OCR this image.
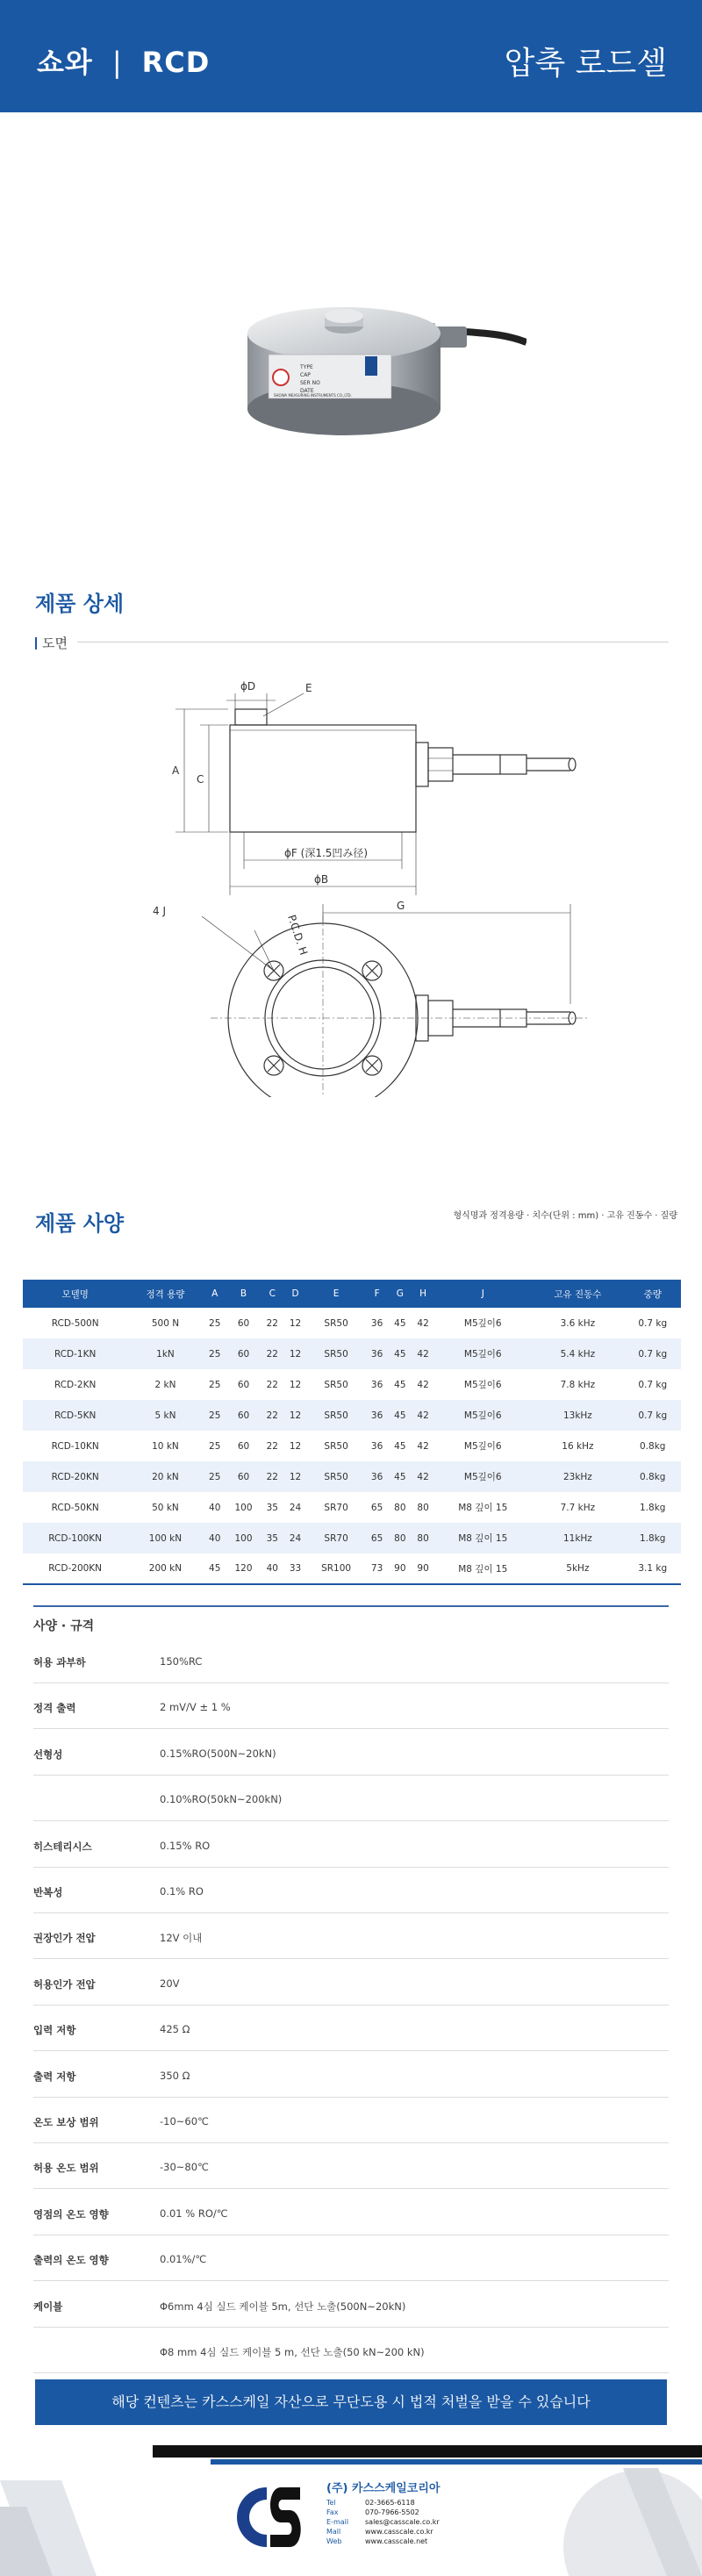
쇼와 | RCD	압축 로드셀
TYPE
CAP
SER NO
DATE
SHOWA MEASURING INSTRUMENTS CO.,LTD.
제품 상세
도면
A
C
ϕD	E
ϕF (深1.5凹み径)
ϕB
P.C.D. H
4 J	G
제품 사양	형식명과 정격용량 · 치수(단위 : mm) · 고유 진동수 · 질량
모델명	정격 용량	A	B	C	D	E	F	G	H	J	고유 진동수	중량
RCD-500N	500 N	25	60	22	12	SR50	36	45	42	M5깊이6	3.6 kHz	0.7 kg
RCD-1KN	1kN	25	60	22	12	SR50	36	45	42	M5깊이6	5.4 kHz	0.7 kg
RCD-2KN	2 kN	25	60	22	12	SR50	36	45	42	M5깊이6	7.8 kHz	0.7 kg
RCD-5KN	5 kN	25	60	22	12	SR50	36	45	42	M5깊이6	13kHz	0.7 kg
RCD-10KN	10 kN	25	60	22	12	SR50	36	45	42	M5깊이6	16 kHz	0.8kg
RCD-20KN	20 kN	25	60	22	12	SR50	36	45	42	M5깊이6	23kHz	0.8kg
RCD-50KN	50 kN	40	100	35	24	SR70	65	80	80	M8 깊이 15	7.7 kHz	1.8kg
RCD-100KN	100 kN	40	100	35	24	SR70	65	80	80	M8 깊이 15	11kHz	1.8kg
RCD-200KN	200 kN	45	120	40	33	SR100	73	90	90	M8 깊이 15	5kHz	3.1 kg
사양 · 규격
허용 과부하	150%RC
정격 출력	2 mV/V ± 1 %
선형성	0.15%RO(500N~20kN)
0.10%RO(50kN~200kN)
히스테리시스	0.15% RO
반복성	0.1% RO
권장인가 전압	12V 이내
허용인가 전압	20V
입력 저항	425 Ω
출력 저항	350 Ω
온도 보상 범위	-10~60℃
허용 온도 범위	-30~80℃
영점의 온도 영향	0.01 % RO/℃
출력의 온도 영향	0.01%/℃
케이블	Φ6mm 4심 실드 케이블 5m, 선단 노출(500N~20kN)
Φ8 mm 4심 실드 케이블 5 m, 선단 노출(50 kN~200 kN)
해당 컨텐츠는 카스스케일 자산으로 무단도용 시 법적 처벌을 받을 수 있습니다
(주) 카스스케일코리아
Tel	02-3665-6118
Fax	070-7966-5502
E-mail sales@casscale.co.kr
Mall	www.casscale.co.kr
Web	www.casscale.net
